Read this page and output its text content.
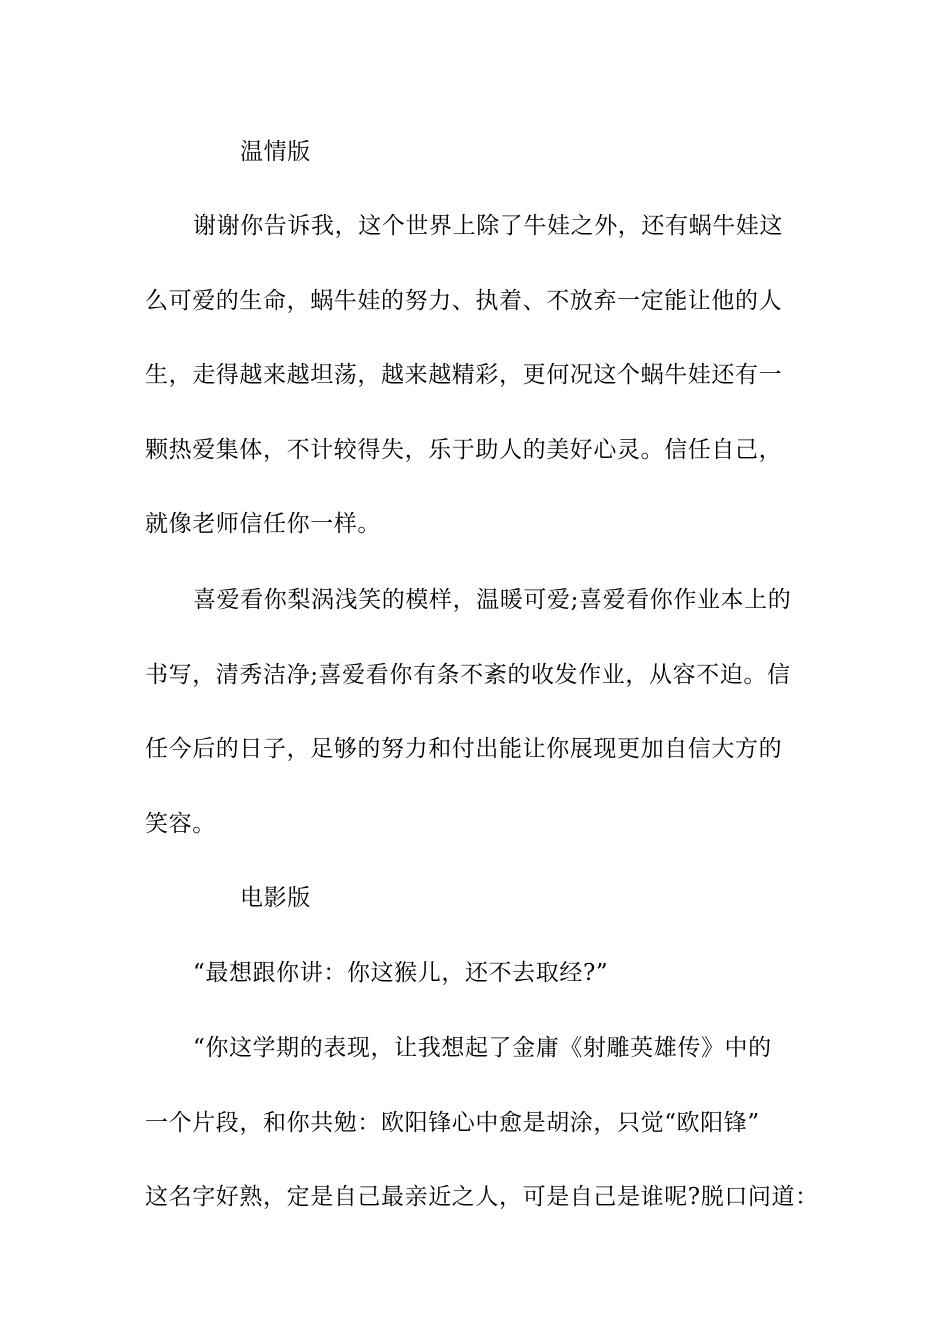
温情版
谢谢你告诉我，这个世界上除了牛娃之外，还有蜗牛娃这
么可爱的生命，蜗牛娃的努力、执着、不放弃一定能让他的人
生，走得越来越坦荡，越来越精彩，更何况这个蜗牛娃还有一
颗热爱集体，不计较得失，乐于助人的美好心灵。信任自己，
就像老师信任你一样。
喜爱看你梨涡浅笑的模样，温暖可爱;喜爱看你作业本上的
书写，清秀洁净;喜爱看你有条不紊的收发作业，从容不迫。信
任今后的日子，足够的努力和付出能让你展现更加自信大方的
笑容。
电影版
“最想跟你讲：你这猴儿，还不去取经?”
“你这学期的表现，让我想起了金庸《射雕英雄传》中的
一个片段，和你共勉：欧阳锋心中愈是胡涂，只觉“欧阳锋”
这名字好熟，定是自己最亲近之人，可是自己是谁呢?脱口问道：
